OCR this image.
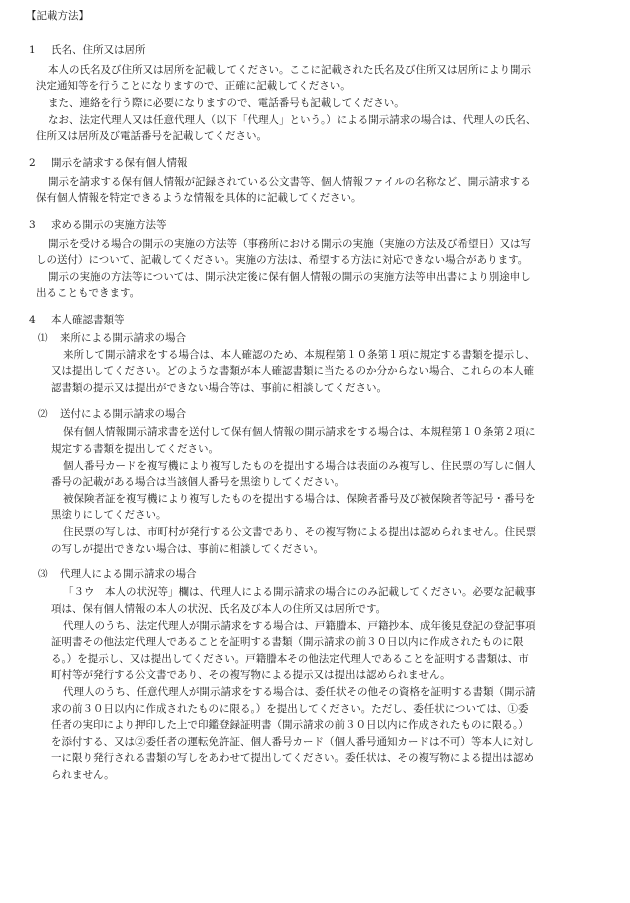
【記載方法】
1 氏名、住所又は居所

本人の氏名及び住所又は居所を記載してください。ここに記載された氏名及び住所又は居所により開示

決定通知等を行うことになりますので、正確に記載してください。

また、連絡を行う際に必要になりますので、電話番号も記載してください。

なお、法定代理人又は任意代理人（以下「代理人」という。）による開示請求の場合は、代理人の氏名、

住所又は居所及び電話番号を記載してください。

2 開示を請求する保有個人情報

開示を請求する保有個人情報が記録されている公文書等、個人情報ファイルの名称など、開示請求する

保有個人情報を特定できるような情報を具体的に記載してください。

3 求める開示の実施方法等

開示を受ける場合の開示の実施の方法等（事務所における開示の実施（実施の方法及び希望日）又は写

しの送付）について、記載してください。実施の方法は、希望する方法に対応できない場合があります。

開示の実施の方法等については、開示決定後に保有個人情報の開示の実施方法等申出書により別途申し

出ることもできます。

4 本人確認書類等
⑴ 来所による開示請求の場合

来所して開示請求をする場合は、本人確認のため、本規程第１０条第１項に規定する書類を提示し、

又は提出してください。どのような書類が本人確認書類に当たるのか分からない場合、これらの本人確

認書類の提示又は提出ができない場合等は、事前に相談してください。

⑵ 送付による開示請求の場合

保有個人情報開示請求書を送付して保有個人情報の開示請求をする場合は、本規程第１０条第２項に

規定する書類を提出してください。

個人番号カードを複写機により複写したものを提出する場合は表面のみ複写し、住民票の写しに個人

番号の記載がある場合は当該個人番号を黒塗りしてください。

被保険者証を複写機により複写したものを提出する場合は、保険者番号及び被保険者等記号・番号を

黒塗りにしてください。

住民票の写しは、市町村が発行する公文書であり、その複写物による提出は認められません。住民票

の写しが提出できない場合は、事前に相談してください。

⑶ 代理人による開示請求の場合

「３ウ　本人の状況等」欄は、代理人による開示請求の場合にのみ記載してください。必要な記載事

項は、保有個人情報の本人の状況、氏名及び本人の住所又は居所です。

代理人のうち、法定代理人が開示請求をする場合は、戸籍謄本、戸籍抄本、成年後見登記の登記事項

証明書その他法定代理人であることを証明する書類（開示請求の前３０日以内に作成されたものに限

る。）を提示し、又は提出してください。戸籍謄本その他法定代理人であることを証明する書類は、市

町村等が発行する公文書であり、その複写物による提示又は提出は認められません。

代理人のうち、任意代理人が開示請求をする場合は、委任状その他その資格を証明する書類（開示請

求の前３０日以内に作成されたものに限る。）を提出してください。ただし、委任状については、①委

任者の実印により押印した上で印鑑登録証明書（開示請求の前３０日以内に作成されたものに限る。）

を添付する、又は②委任者の運転免許証、個人番号カード（個人番号通知カードは不可）等本人に対し

一に限り発行される書類の写しをあわせて提出してください。委任状は、その複写物による提出は認め

られません。
